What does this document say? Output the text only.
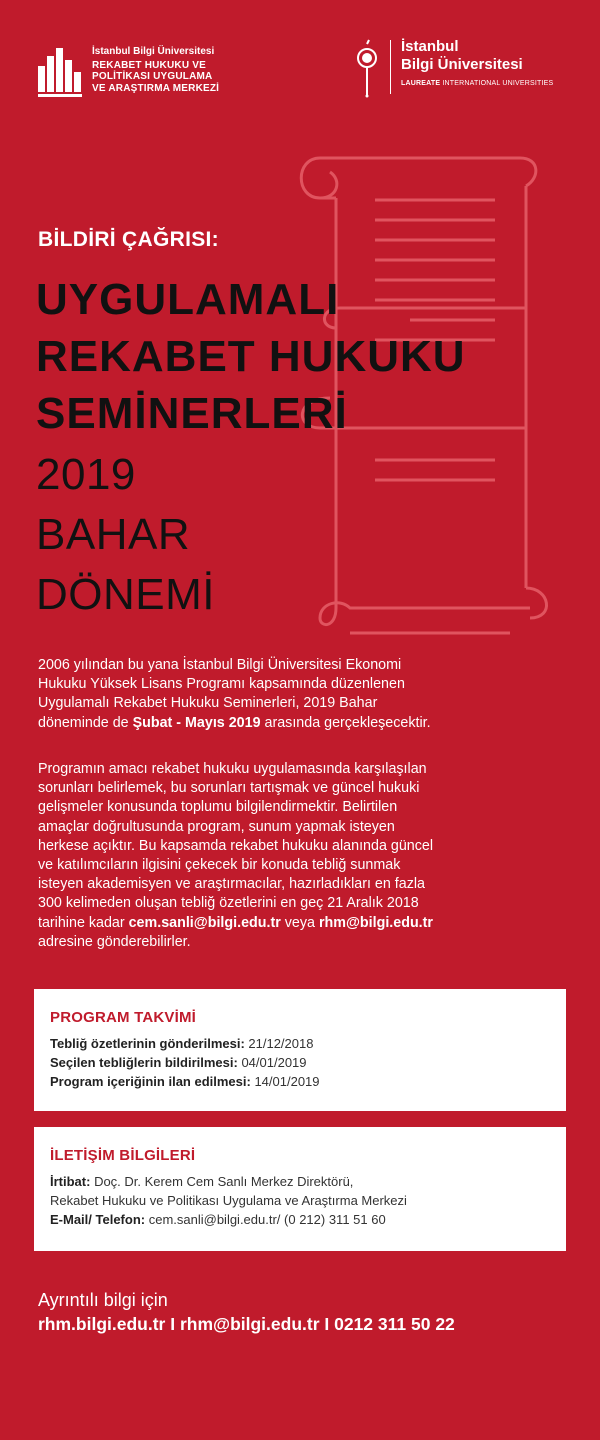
İstanbul Bilgi Üniversitesi
REKABET HUKUKU VE
POLİTİKASI UYGULAMA
VE ARAŞTIRMA MERKEZİ
İstanbul
Bilgi Üniversitesi
LAUREATE INTERNATIONAL UNIVERSITIES
BİLDİRİ ÇAĞRISI:
UYGULAMALI
REKABET HUKUKU
SEMİNERLERİ
2019
BAHAR
DÖNEMİ
2006 yılından bu yana İstanbul Bilgi Üniversitesi Ekonomi
Hukuku Yüksek Lisans Programı kapsamında düzenlenen
Uygulamalı Rekabet Hukuku Seminerleri, 2019 Bahar
döneminde de Şubat - Mayıs 2019 arasında gerçekleşecektir.
Programın amacı rekabet hukuku uygulamasında karşılaşılan
sorunları belirlemek, bu sorunları tartışmak ve güncel hukuki
gelişmeler konusunda toplumu bilgilendirmektir. Belirtilen
amaçlar doğrultusunda program, sunum yapmak isteyen
herkese açıktır. Bu kapsamda rekabet hukuku alanında güncel
ve katılımcıların ilgisini çekecek bir konuda tebliğ sunmak
isteyen akademisyen ve araştırmacılar, hazırladıkları en fazla
300 kelimeden oluşan tebliğ özetlerini en geç 21 Aralık 2018
tarihine kadar cem.sanli@bilgi.edu.tr veya rhm@bilgi.edu.tr
adresine gönderebilirler.
PROGRAM TAKVİMİ
Tebliğ özetlerinin gönderilmesi: 21/12/2018
Seçilen tebliğlerin bildirilmesi: 04/01/2019
Program içeriğinin ilan edilmesi: 14/01/2019
İLETİŞİM BİLGİLERİ
İrtibat: Doç. Dr. Kerem Cem Sanlı Merkez Direktörü,
Rekabet Hukuku ve Politikası Uygulama ve Araştırma Merkezi
E-Mail/ Telefon: cem.sanli@bilgi.edu.tr/ (0 212) 311 51 60
Ayrıntılı bilgi için
rhm.bilgi.edu.tr I rhm@bilgi.edu.tr I 0212 311 50 22
